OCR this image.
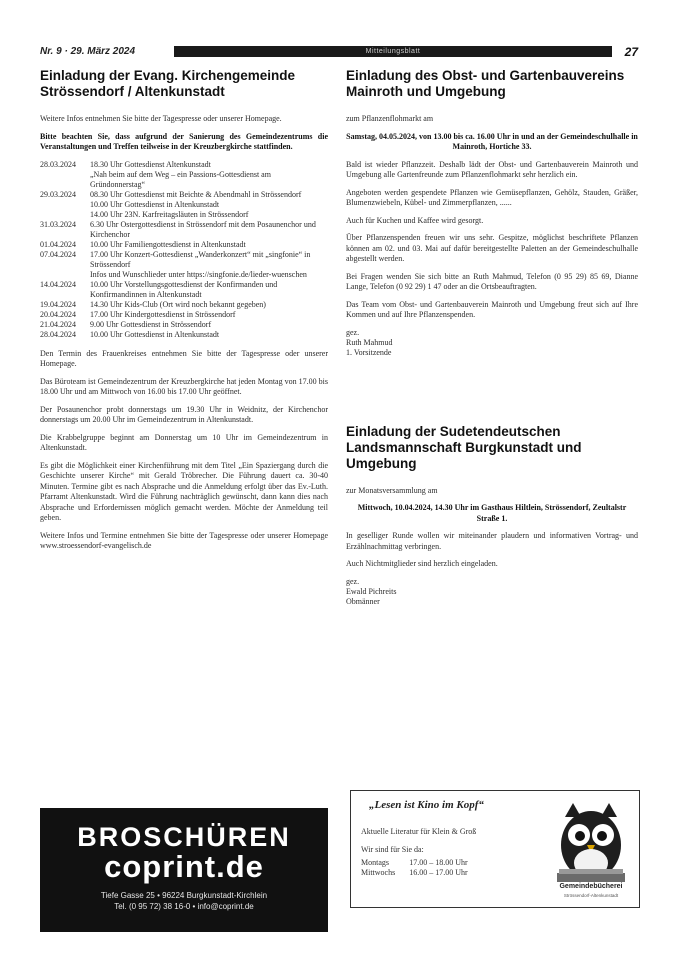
Nr. 9 · 29. März 2024	Mitteilungsblatt	27
Einladung der Evang. Kirchengemeinde Strössendorf / Altenkunstadt

Weitere Infos entnehmen Sie bitte der Tagespresse oder unserer Homepage.

Bitte beachten Sie, dass aufgrund der Sanierung des Gemeindezentrums die Veranstaltungen und Treffen teilweise in der Kreuzbergkirche stattfinden.

28.03.2024	18.30 Uhr Gottesdienst Altenkunstadt
	„Nah beim auf dem Weg – ein Passions-Gottesdienst am Gründonnerstag“
29.03.2024	08.30 Uhr Gottesdienst mit Beichte & Abendmahl in Strössendorf
	10.00 Uhr Gottesdienst in Altenkunstadt
	14.00 Uhr 23N. Karfreitagsläuten in Strössendorf
31.03.2024	6.30 Uhr Ostergottesdienst in Strössendorf mit dem Posaunenchor und Kirchenchor
01.04.2024	10.00 Uhr Familiengottesdienst in Altenkunstadt
07.04.2024	17.00 Uhr Konzert-Gottesdienst „Wanderkonzert“ mit „singfonie“ in Strössendorf
	Infos und Wunschlieder unter https://singfonie.de/lieder-wuenschen
14.04.2024	10.00 Uhr Vorstellungsgottesdienst der Konfirmanden und Konfirmandinnen in Altenkunstadt
19.04.2024	14.30 Uhr Kids-Club (Ort wird noch bekannt gegeben)
20.04.2024	17.00 Uhr Kindergottesdienst in Strössendorf
21.04.2024	9.00 Uhr Gottesdienst in Strössendorf
28.04.2024	10.00 Uhr Gottesdienst in Altenkunstadt

Den Termin des Frauenkreises entnehmen Sie bitte der Tagespresse oder unserer Homepage.

Das Büroteam ist Gemeindezentrum der Kreuzbergkirche hat jeden Montag von 17.00 bis 18.00 Uhr und am Mittwoch von 16.00 bis 17.00 Uhr geöffnet.

Der Posaunenchor probt donnerstags um 19.30 Uhr in Weidnitz, der Kirchenchor donnerstags um 20.00 Uhr im Gemeindezentrum in Altenkunstadt.

Die Krabbelgruppe beginnt am Donnerstag um 10 Uhr im Gemeindezentrum in Altenkunstadt.

Es gibt die Möglichkeit einer Kirchenführung mit dem Titel „Ein Spaziergang durch die Geschichte unserer Kirche“ mit Gerald Tröbrecher. Die Führung dauert ca. 30-40 Minuten. Termine gibt es nach Absprache und die Anmeldung erfolgt über das Ev.-Luth. Pfarramt Altenkunstadt. Wird die Führung nachträglich gewünscht, dann kann dies nach Absprache und Erfordernissen möglich gemacht werden. Möchte der Anmeldung teil geben.

Weitere Infos und Termine entnehmen Sie bitte der Tagespresse oder unserer Homepage www.stroessendorf-evangelisch.de

Einladung des Obst- und Gartenbauvereins Mainroth und Umgebung

zum Pflanzenflohmarkt am

Samstag, 04.05.2024, von 13.00 bis ca. 16.00 Uhr in und an der Gemeindeschulhalle in Mainroth, Hortiche 33.

Bald ist wieder Pflanzzeit. Deshalb lädt der Obst- und Gartenbauverein Mainroth und Umgebung alle Gartenfreunde zum Pflanzenflohmarkt sehr herzlich ein.

Angeboten werden gespendete Pflanzen wie Gemüsepflanzen, Gehölz, Stauden, Gräßer, Blumenzwiebeln, Kübel- und Zimmerpflanzen, ......

Auch für Kuchen und Kaffee wird gesorgt.

Über Pflanzenspenden freuen wir uns sehr. Gespitze, möglichst beschriftete Pflanzen können am 02. und 03. Mai auf dafür bereitgestellte Paletten an der Gemeindeschulhalle abgestellt werden.

Bei Fragen wenden Sie sich bitte an Ruth Mahmud, Telefon (0 95 29) 85 69, Dianne Lange, Telefon (0 92 29) 1 47 oder an die Ortsbeauftragten.

Das Team vom Obst- und Gartenbauverein Mainroth und Umgebung freut sich auf Ihre Kommen und auf Ihre Pflanzenspenden.

gez.
Ruth Mahmud
1. Vorsitzende
Einladung der Sudetendeutschen Landsmannschaft Burgkunstadt und Umgebung

zur Monatsversammlung am

Mittwoch, 10.04.2024, 14.30 Uhr im Gasthaus Hiltlein, Strössendorf, Zeultalstr Straße 1.

In geselliger Runde wollen wir miteinander plaudern und informativen Vortrag- und Erzählnachmittag verbringen.

Auch Nichtmitglieder sind herzlich eingeladen.

gez.
Ewald Pichreits
Obmänner
BROSCHÜREN
coprint.de
Tiefe Gasse 25 • 96224 Burgkunstadt-Kirchlein
Tel. (0 95 72) 38 16-0 • info@coprint.de
„Lesen ist Kino im Kopf“
Aktuelle Literatur für Klein & Groß
Wir sind für Sie da:
Montags	17.00 – 18.00 Uhr
Mittwochs	16.00 – 17.00 Uhr
Gemeindebücherei
Strössendorf-Altenkunstadt
